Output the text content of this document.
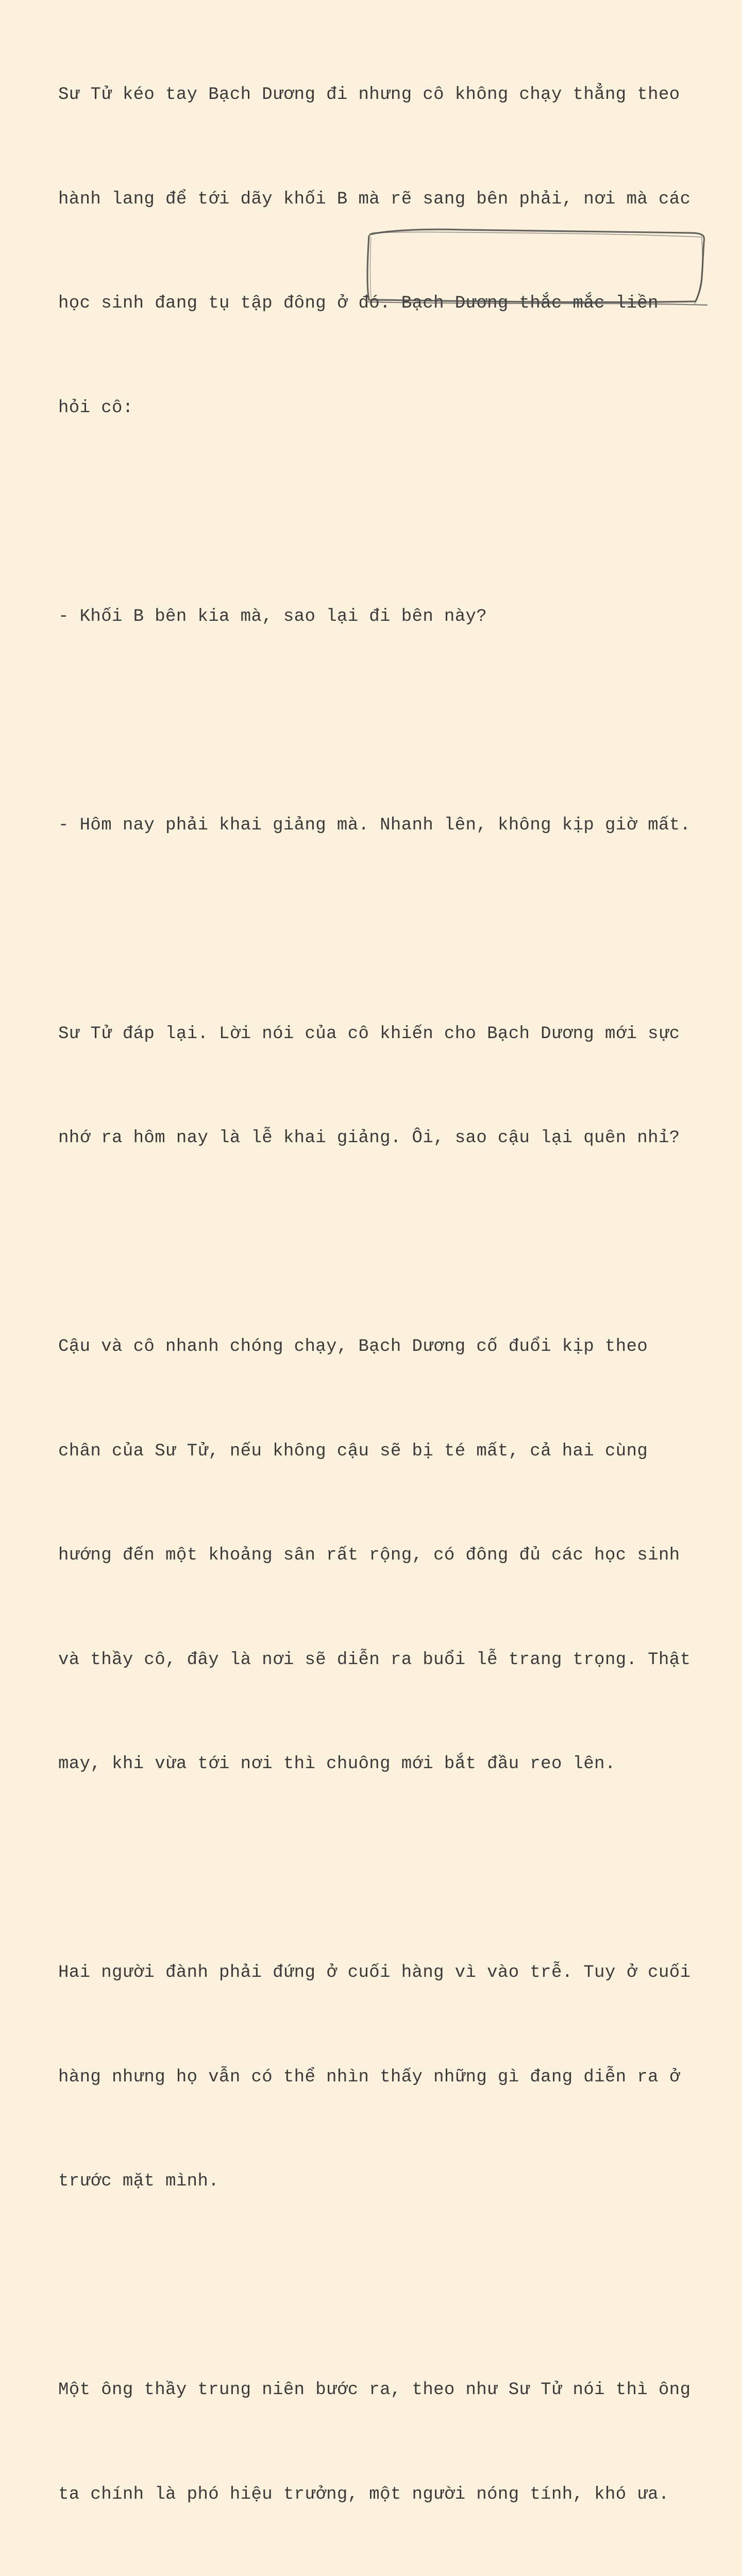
Sư Tử kéo tay Bạch Dương đi nhưng cô không chạy thẳng theo

hành lang để tới dãy khối B mà rẽ sang bên phải, nơi mà các

học sinh đang tụ tập đông ở đó. Bạch Dương thắc mắc liền

hỏi cô:

- Khối B bên kia mà, sao lại đi bên này?

- Hôm nay phải khai giảng mà. Nhanh lên, không kịp giờ mất.

Sư Tử đáp lại. Lời nói của cô khiến cho Bạch Dương mới sực

nhớ ra hôm nay là lễ khai giảng. Ôi, sao cậu lại quên nhỉ?

Cậu và cô nhanh chóng chạy, Bạch Dương cố đuổi kịp theo

chân của Sư Tử, nếu không cậu sẽ bị té mất, cả hai cùng

hướng đến một khoảng sân rất rộng, có đông đủ các học sinh

và thầy cô, đây là nơi sẽ diễn ra buổi lễ trang trọng. Thật

may, khi vừa tới nơi thì chuông mới bắt đầu reo lên.

Hai người đành phải đứng ở cuối hàng vì vào trễ. Tuy ở cuối

hàng nhưng họ vẫn có thể nhìn thấy những gì đang diễn ra ở

trước mặt mình.

Một ông thầy trung niên bước ra, theo như Sư Tử nói thì ông

ta chính là phó hiệu trưởng, một người nóng tính, khó ưa.
